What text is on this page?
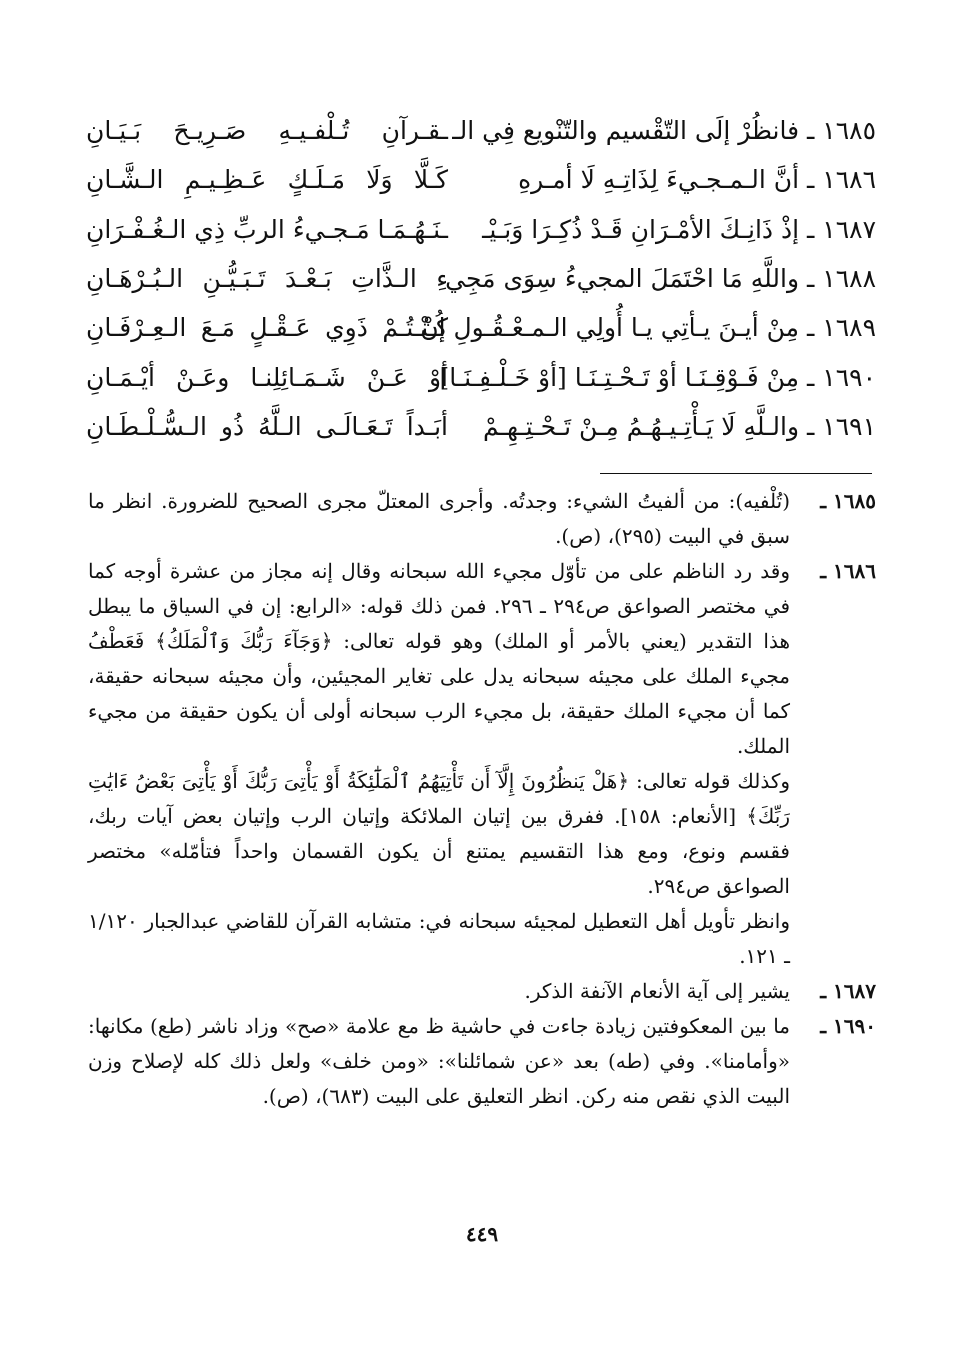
١٦٨٥ ـ فانظُرْ إلَى التّقْسيم والتّنْويع فِي الـ
ـقـرآنِ تُـلْفـيـهِ صَـرِيـحَ بَـيَـانِ
١٦٨٦ ـ أنَّ الـمـجـيءَ لِذَاتِـهِ لَا أمـرهِ
كَـلَّا وَلَا مَـلَـكٍ عَـظِـيـمِ الـشَّـانِ
١٦٨٧ ـ إذْ ذَانِـكَ الأمْـرَانِ قَـدْ ذُكِـرَا وَبَـيْـ
ـنَـهُـمَـا مَـجـيءُ الربِّ ذِي الـغُـفْـرَانِ
١٦٨٨ ـ واللَّهِ مَا احْتَمَلَ المجيءُ سِوَى مَجِي
ءِ الـذَّاتِ بَـعْـدَ تَـبَـيُّـنِ الـبُـرْهَـانِ
١٦٨٩ ـ مِنْ أيـنَ يـأتِي يـا أُولِي الـمـعْـقُـولِ إنْ
كُـنْـتُـمْ ذَوِي عَـقْـلٍ مَـعَ الـعِـرْفَـانِ
١٦٩٠ ـ مِنْ فَـوْقِـنَـا أوْ تَـحْـتِـنَـا [أوْ خَـلْـفِـنَـا]
أوْ عَـنْ شَـمَـائِلِنـا وعَـنْ أيْـمَـانِ
١٦٩١ ـ والـلَّهِ لَا يَـأْتِـيـهُـمُ مِـنْ تَـحْـتِـهِـمْ
أبَـداً تَـعَـالَـى الـلَّهُ ذُو الـسُّـلْـطَـانِ
١٦٨٥ ـ

(تُلْفيه): من ألفيتُ الشيء: وجدتُه. وأجرى المعتلّ مجرى الصحيح للضرورة. انظر ما سبق في البيت (٢٩٥)، (ص).

١٦٨٦ ـ

وقد رد الناظم على من تأوّل مجيء الله سبحانه وقال إنه مجاز من عشرة أوجه كما في مختصر الصواعق ص٢٩٤ ـ ٢٩٦. فمن ذلك قوله: «الرابع: إن في السياق ما يبطل هذا التقدير (يعني بالأمر أو الملك) وهو قوله تعالى: ﴿وَجَآءَ رَبُّكَ وَٱلْمَلَكُ﴾ فَعَطْفُ مجيء الملك على مجيئه سبحانه يدل على تغاير المجيئين، وأن مجيئه سبحانه حقيقة، كما أن مجيء الملك حقيقة، بل مجيء الرب سبحانه أولى أن يكون حقيقة من مجيء الملك.

وكذلك قوله تعالى: ﴿هَلْ يَنظُرُونَ إِلَّآ أَن تَأْتِيَهُمُ ٱلْمَلَٰٓئِكَةُ أَوْ يَأْتِىَ رَبُّكَ أَوْ يَأْتِىَ بَعْضُ ءَايَٰتِ رَبِّكَ﴾ [الأنعام: ١٥٨]. ففرق بين إتيان الملائكة وإتيان الرب وإتيان بعض آيات ربك، فقسم ونوع، ومع هذا التقسيم يمتنع أن يكون القسمان واحداً فتأمّله» مختصر الصواعق ص٢٩٤.

وانظر تأويل أهل التعطيل لمجيئه سبحانه في: متشابه القرآن للقاضي عبدالجبار ١/١٢٠ ـ ١٢١.

١٦٨٧ ـ

يشير إلى آية الأنعام الآنفة الذكر.

١٦٩٠ ـ

ما بين المعكوفتين زيادة جاءت في حاشية ظ مع علامة «صح» وزاد ناشر (طع) مكانها: «وأمامنا». وفي (طه) بعد «عن شمائلنا»: «ومن خلف» ولعل ذلك كله لإصلاح وزن البيت الذي نقص منه ركن. انظر التعليق على البيت (٦٨٣)، (ص).

٤٤٩
